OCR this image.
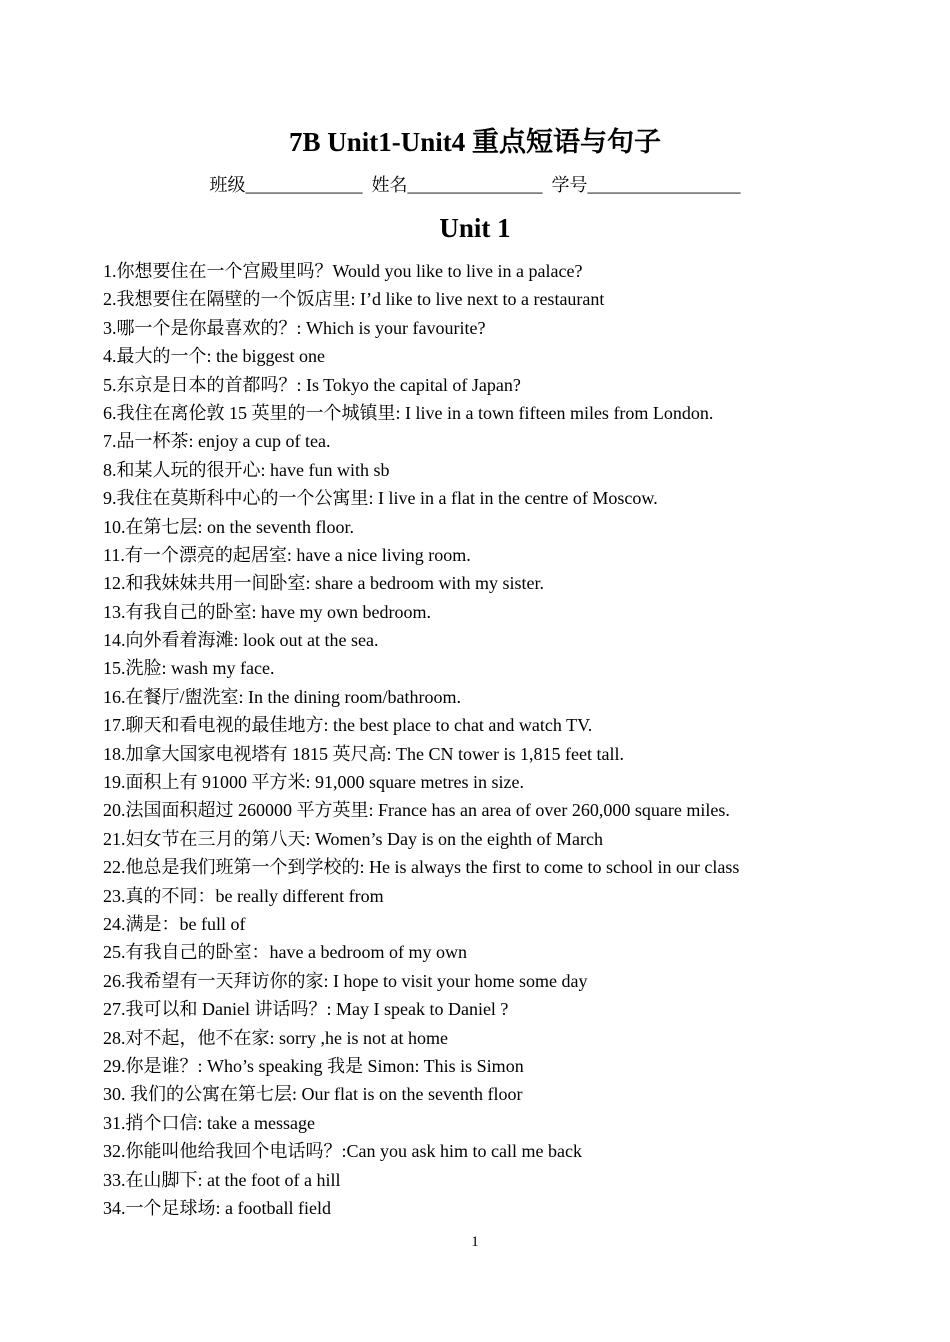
7B Unit1-Unit4 重点短语与句子
班级_____________  姓名_______________  学号_________________
Unit 1
1.你想要住在一个宫殿里吗？Would you like to live in a palace?
2.我想要住在隔壁的一个饭店里: I’d like to live next to a restaurant
3.哪一个是你最喜欢的？: Which is your favourite?
4.最大的一个: the biggest one
5.东京是日本的首都吗？: Is Tokyo the capital of Japan?
6.我住在离伦敦 15 英里的一个城镇里: I live in a town fifteen miles from London.
7.品一杯茶: enjoy a cup of tea.
8.和某人玩的很开心: have fun with sb
9.我住在莫斯科中心的一个公寓里: I live in a flat in the centre of Moscow.
10.在第七层: on the seventh floor.
11.有一个漂亮的起居室: have a nice living room.
12.和我妹妹共用一间卧室: share a bedroom with my sister.
13.有我自己的卧室: have my own bedroom.
14.向外看着海滩: look out at the sea.
15.洗脸: wash my face.
16.在餐厅/盥洗室: In the dining room/bathroom.
17.聊天和看电视的最佳地方: the best place to chat and watch TV.
18.加拿大国家电视塔有 1815 英尺高: The CN tower is 1,815 feet tall.
19.面积上有 91000 平方米: 91,000 square metres in size.
20.法国面积超过 260000 平方英里: France has an area of over 260,000 square miles.
21.妇女节在三月的第八天: Women’s Day is on the eighth of March
22.他总是我们班第一个到学校的: He is always the first to come to school in our class
23.真的不同：be really different from
24.满是：be full of
25.有我自己的卧室：have a bedroom of my own
26.我希望有一天拜访你的家: I hope to visit your home some day
27.我可以和 Daniel 讲话吗？: May I speak to Daniel ?
28.对不起，他不在家: sorry ,he is not at home
29.你是谁？: Who’s speaking 我是 Simon: This is Simon
30. 我们的公寓在第七层: Our flat is on the seventh floor
31.捎个口信: take a message
32.你能叫他给我回个电话吗？:Can you ask him to call me back
33.在山脚下: at the foot of a hill
34.一个足球场: a football field
1
